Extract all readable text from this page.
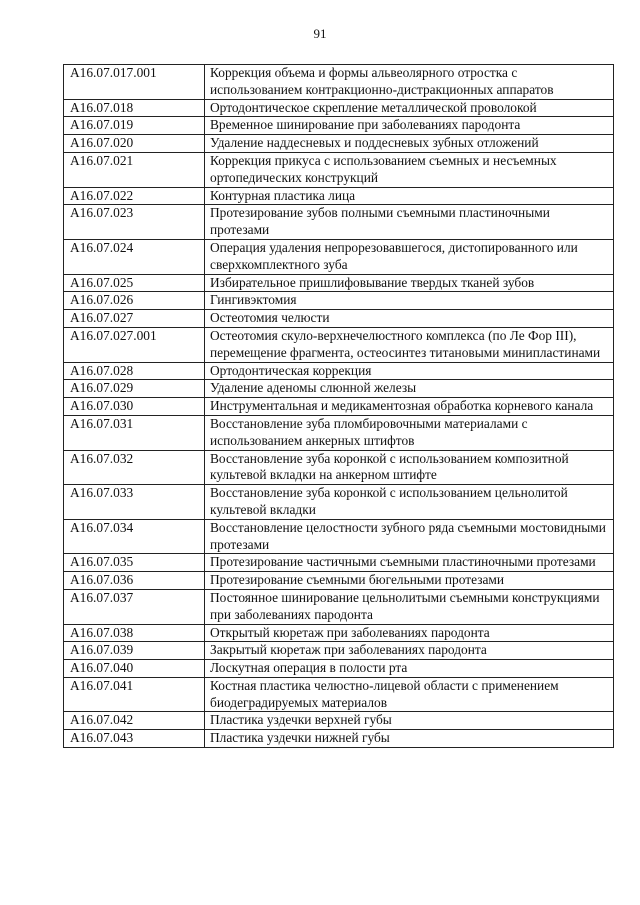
91
A16.07.017.001	Коррекция объема и формы альвеолярного отростка с использованием контракционно-дистракционных аппаратов
A16.07.018	Ортодонтическое скрепление металлической проволокой
A16.07.019	Временное шинирование при заболеваниях пародонта
A16.07.020	Удаление наддесневых и поддесневых зубных отложений
A16.07.021	Коррекция прикуса с использованием съемных и несъемных ортопедических конструкций
A16.07.022	Контурная пластика лица
A16.07.023	Протезирование зубов полными съемными пластиночными протезами
A16.07.024	Операция удаления непрорезовавшегося, дистопированного или сверхкомплектного зуба
A16.07.025	Избирательное пришлифовывание твердых тканей зубов
A16.07.026	Гингивэктомия
A16.07.027	Остеотомия челюсти
A16.07.027.001	Остеотомия скуло-верхнечелюстного комплекса (по Ле Фор III), перемещение фрагмента, остеосинтез титановыми минипластинами
A16.07.028	Ортодонтическая коррекция
A16.07.029	Удаление аденомы слюнной железы
A16.07.030	Инструментальная и медикаментозная обработка корневого канала
A16.07.031	Восстановление зуба пломбировочными материалами с использованием анкерных штифтов
A16.07.032	Восстановление зуба коронкой с использованием композитной культевой вкладки на анкерном штифте
A16.07.033	Восстановление зуба коронкой с использованием цельнолитой культевой вкладки
A16.07.034	Восстановление целостности зубного ряда съемными мостовидными протезами
A16.07.035	Протезирование частичными съемными пластиночными протезами
A16.07.036	Протезирование съемными бюгельными протезами
A16.07.037	Постоянное шинирование цельнолитыми съемными конструкциями при заболеваниях пародонта
A16.07.038	Открытый кюретаж при заболеваниях пародонта
A16.07.039	Закрытый кюретаж при заболеваниях пародонта
A16.07.040	Лоскутная операция в полости рта
A16.07.041	Костная пластика челюстно-лицевой области с применением биодеградируемых материалов
A16.07.042	Пластика уздечки верхней губы
A16.07.043	Пластика уздечки нижней губы
